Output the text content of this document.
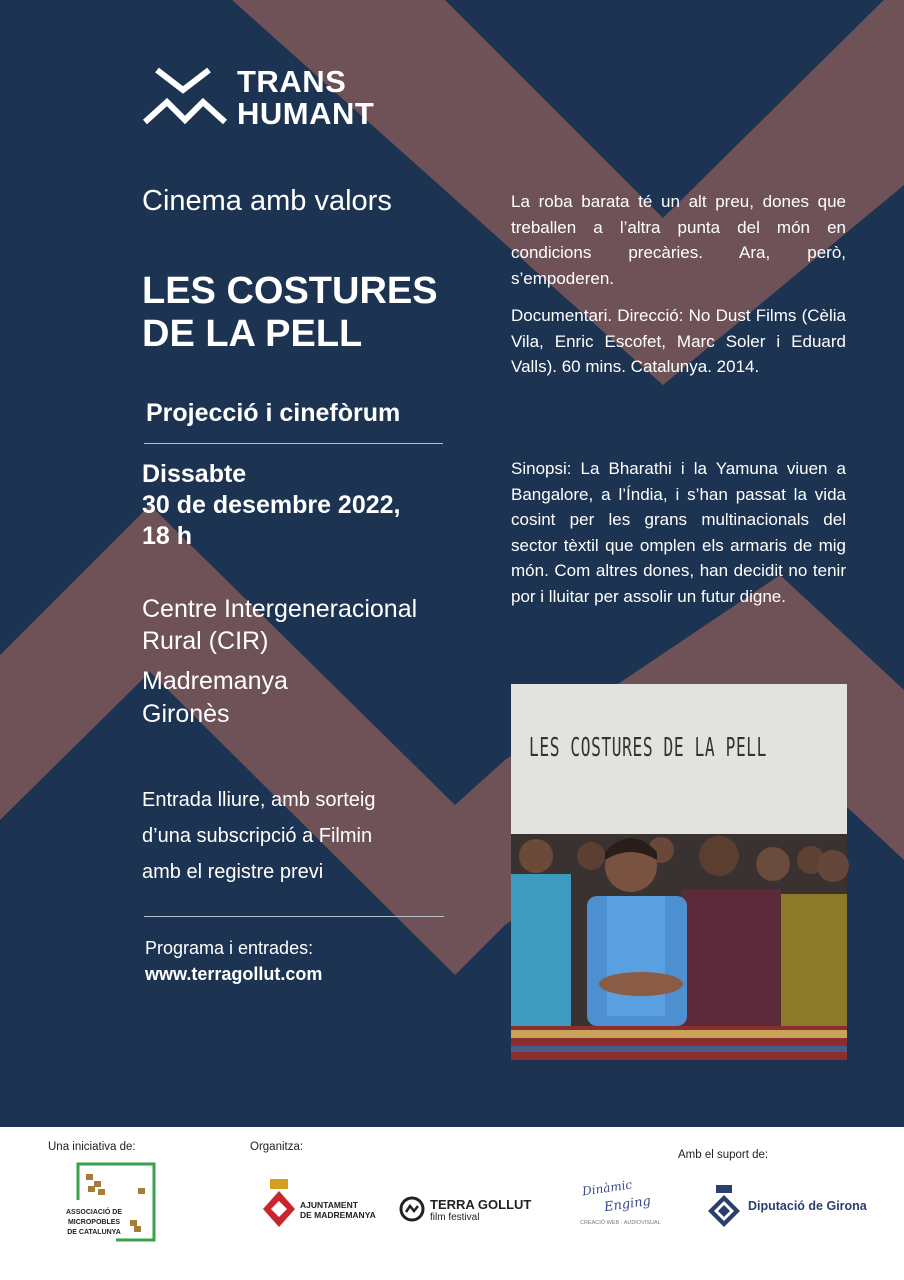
TRANS
HUMANT
Cinema amb valors
LES COSTURES
DE LA PELL
Projecció i cinefòrum
Dissabte
30 de desembre 2022,
18 h
Centre Intergeneracional
Rural (CIR)
Madremanya
Gironès
Entrada lliure, amb sorteig
d’una subscripció a Filmin
amb el registre previ
Programa i entrades:
www.terragollut.com
La roba barata té un alt preu, dones que treballen a l’altra punta del món en condicions precàries. Ara, però, s’empoderen.
Documentari. Direcció: No Dust Films (Cèlia Vila, Enric Escofet, Marc Soler i Eduard Valls). 60 mins. Catalunya. 2014.
Sinopsi: La Bharathi i la Yamuna viuen a Bangalore, a l’Índia, i s’han passat la vida cosint per les grans multinacionals del sector tèxtil que omplen els armaris de mig món. Com altres dones, han decidit no tenir por i lluitar per assolir un futur digne.
LES COSTURES DE LA PELL
Una iniciativa de:
ASSOCIACIÓ DE
MICROPOBLES
DE CATALUNYA
Organitza:
AJUNTAMENT
DE MADREMANYA
TERRA GOLLUT
film festival
Dinàmic
Enging
CREACIÓ WEB · AUDIOVISUAL
Amb el suport de:
Diputació de Girona
